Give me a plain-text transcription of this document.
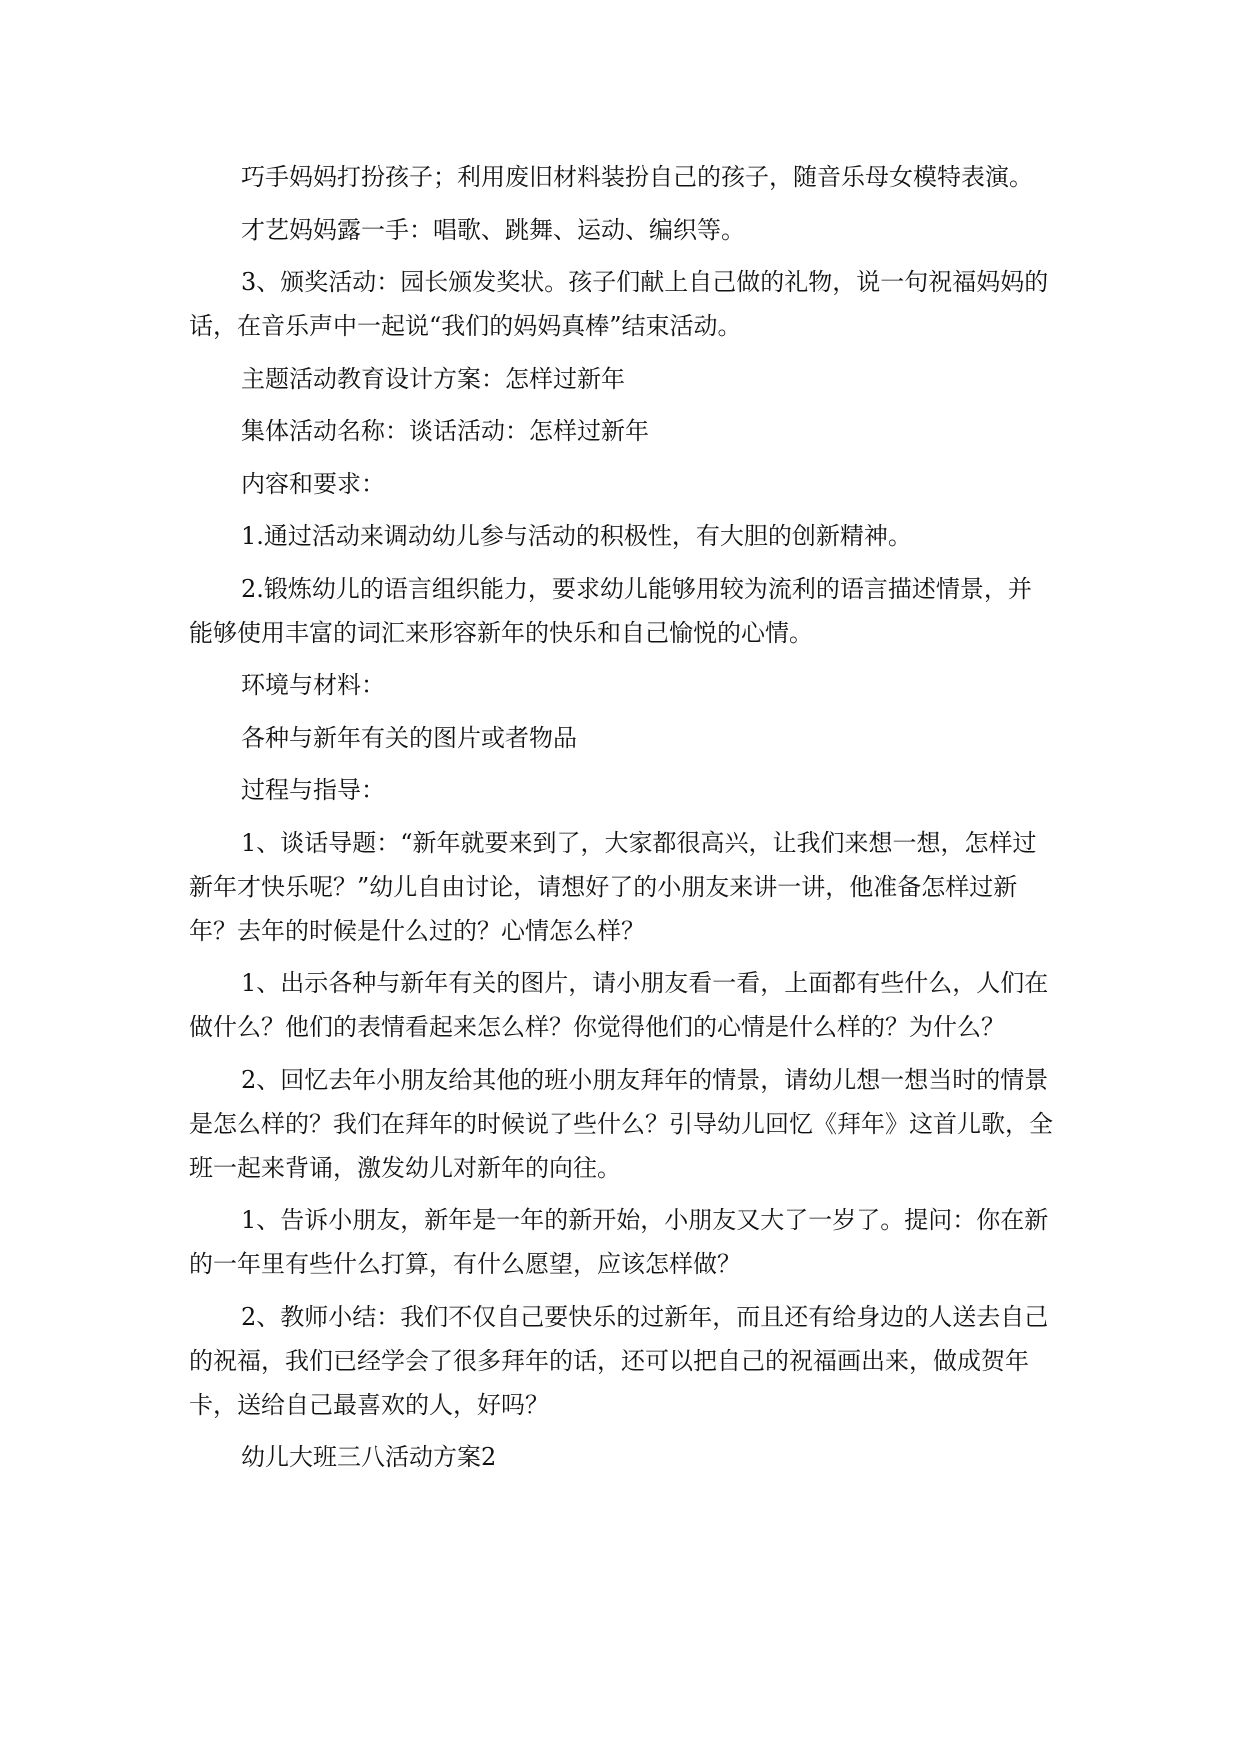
巧手妈妈打扮孩子；利用废旧材料装扮自己的孩子，随音乐母女模特表演。

才艺妈妈露一手：唱歌、跳舞、运动、编织等。

3、颁奖活动：园长颁发奖状。孩子们献上自己做的礼物，说一句祝福妈妈的话，在音乐声中一起说“我们的妈妈真棒”结束活动。

主题活动教育设计方案：怎样过新年

集体活动名称：谈话活动：怎样过新年

内容和要求：

1.通过活动来调动幼儿参与活动的积极性，有大胆的创新精神。

2.锻炼幼儿的语言组织能力，要求幼儿能够用较为流利的语言描述情景，并能够使用丰富的词汇来形容新年的快乐和自己愉悦的心情。

环境与材料：

各种与新年有关的图片或者物品

过程与指导：

1、谈话导题：“新年就要来到了，大家都很高兴，让我们来想一想，怎样过新年才快乐呢？”幼儿自由讨论，请想好了的小朋友来讲一讲，他准备怎样过新年？去年的时候是什么过的？心情怎么样？

1、出示各种与新年有关的图片，请小朋友看一看，上面都有些什么，人们在做什么？他们的表情看起来怎么样？你觉得他们的心情是什么样的？为什么？

2、回忆去年小朋友给其他的班小朋友拜年的情景，请幼儿想一想当时的情景是怎么样的？我们在拜年的时候说了些什么？引导幼儿回忆《拜年》这首儿歌，全班一起来背诵，激发幼儿对新年的向往。

1、告诉小朋友，新年是一年的新开始，小朋友又大了一岁了。提问：你在新的一年里有些什么打算，有什么愿望，应该怎样做？

2、教师小结：我们不仅自己要快乐的过新年，而且还有给身边的人送去自己的祝福，我们已经学会了很多拜年的话，还可以把自己的祝福画出来，做成贺年卡，送给自己最喜欢的人，好吗？

幼儿大班三八活动方案2
